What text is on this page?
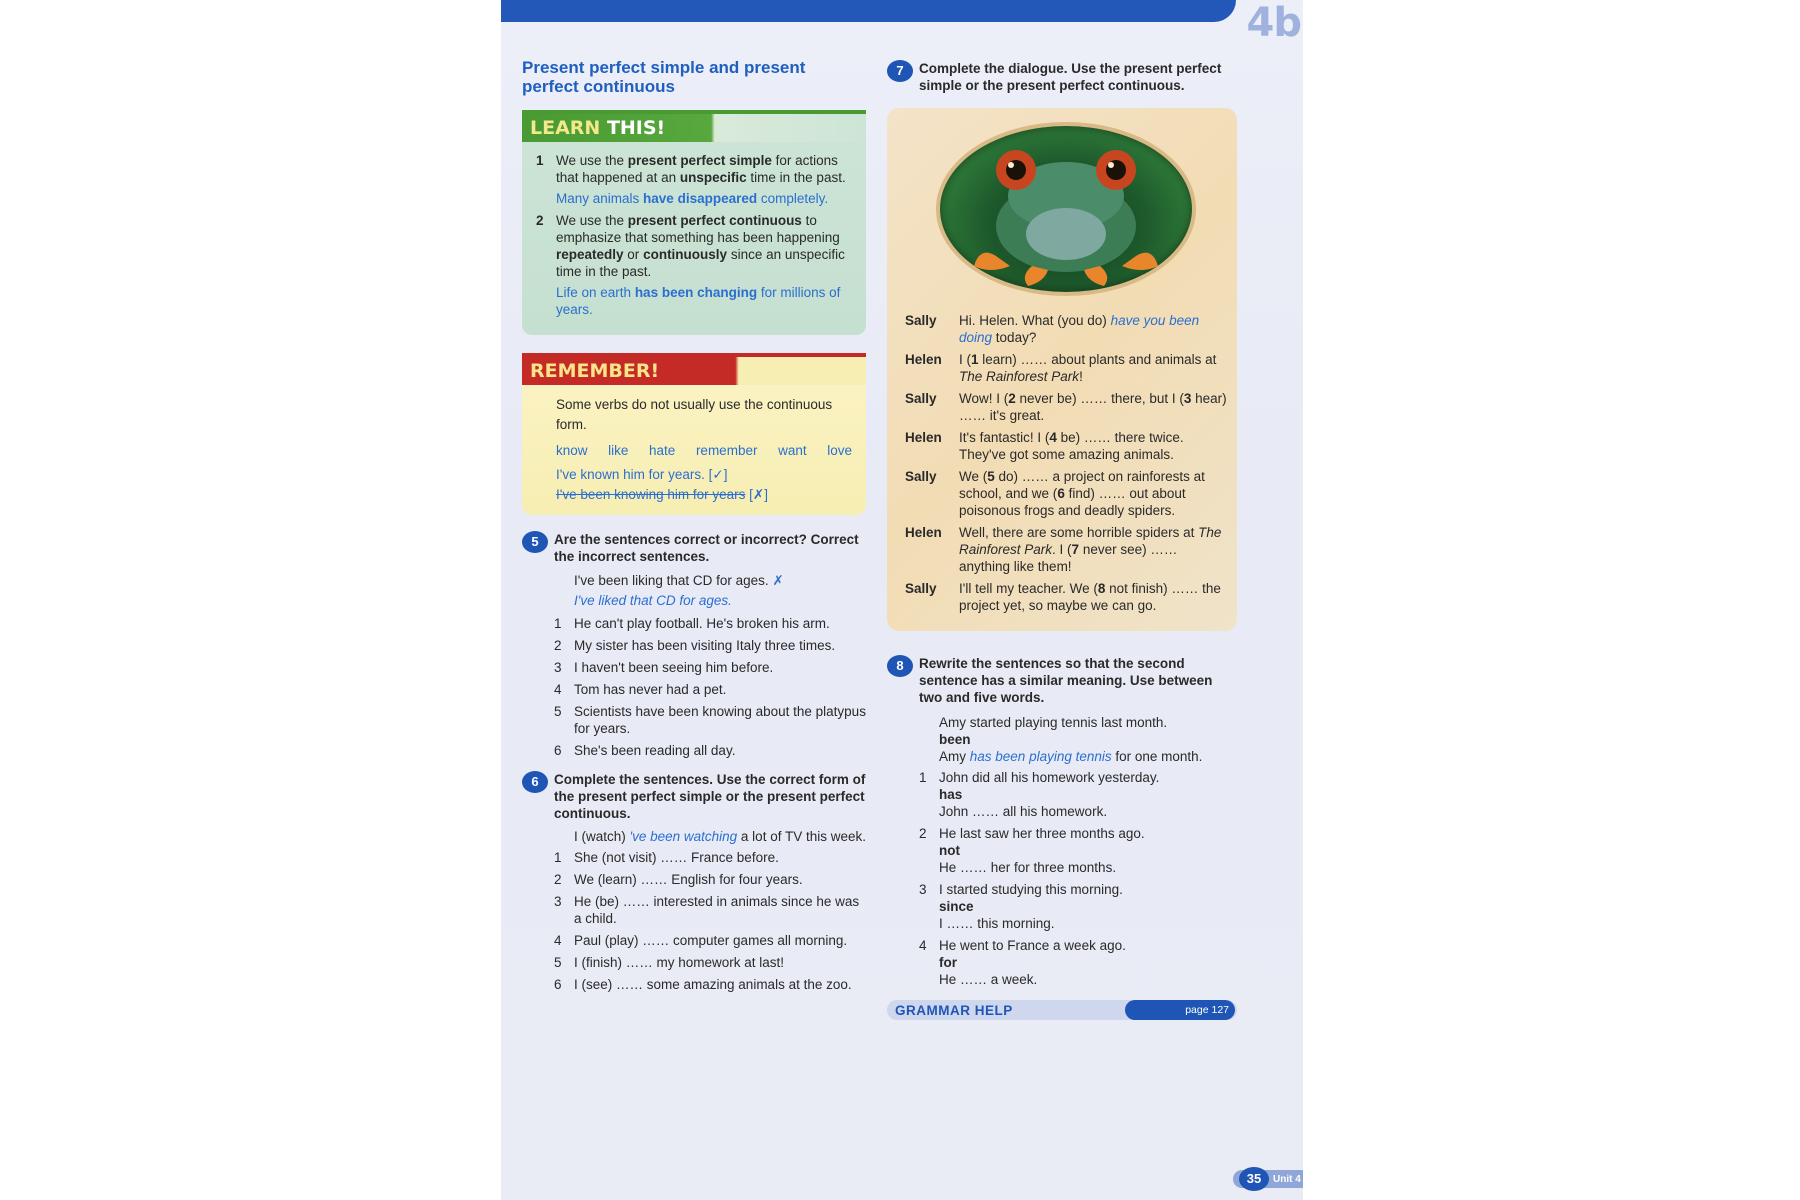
4b
Present perfect simple and present perfect continuous
LEARN THIS!
1 We use the present perfect simple for actions that happened at an unspecific time in the past.
Many animals have disappeared completely.
2 We use the present perfect continuous to emphasize that something has been happening repeatedly or continuously since an unspecific time in the past.
Life on earth has been changing for millions of years.
REMEMBER!
Some verbs do not usually use the continuous form.
know like hate remember want love
I've known him for years. [✓]
I've been knowing him for years [✗]
5	Are the sentences correct or incorrect? Correct the incorrect sentences.
I've been liking that CD for ages. ✗
I've liked that CD for ages.
1 He can't play football. He's broken his arm.
2 My sister has been visiting Italy three times.
3 I haven't been seeing him before.
4 Tom has never had a pet.
5 Scientists have been knowing about the platypus for years.
6 She's been reading all day.
6	Complete the sentences. Use the correct form of the present perfect simple or the present perfect continuous.
I (watch) 've been watching a lot of TV this week.
1 She (not visit) …… France before.
2 We (learn) …… English for four years.
3 He (be) …… interested in animals since he was a child.
4 Paul (play) …… computer games all morning.
5 I (finish) …… my homework at last!
6 I (see) …… some amazing animals at the zoo.
7	Complete the dialogue. Use the present perfect simple or the present perfect continuous.
Sally	Hi. Helen. What (you do) have you been doing today?
Helen	I (1 learn) …… about plants and animals at The Rainforest Park!
Sally	Wow! I (2 never be) …… there, but I (3 hear) …… it's great.
Helen	It's fantastic! I (4 be) …… there twice. They've got some amazing animals.
Sally	We (5 do) …… a project on rainforests at school, and we (6 find) …… out about poisonous frogs and deadly spiders.
Helen	Well, there are some horrible spiders at The Rainforest Park. I (7 never see) …… anything like them!
Sally	I'll tell my teacher. We (8 not finish) …… the project yet, so maybe we can go.
8	Rewrite the sentences so that the second sentence has a similar meaning. Use between two and five words.
Amy started playing tennis last month.
been
Amy has been playing tennis for one month.
1 John did all his homework yesterday.
has
John …… all his homework.
2 He last saw her three months ago.
not
He …… her for three months.
3 I started studying this morning.
since
I …… this morning.
4 He went to France a week ago.
for
He …… a week.
GRAMMAR HELP	page 127
35	Unit 4
